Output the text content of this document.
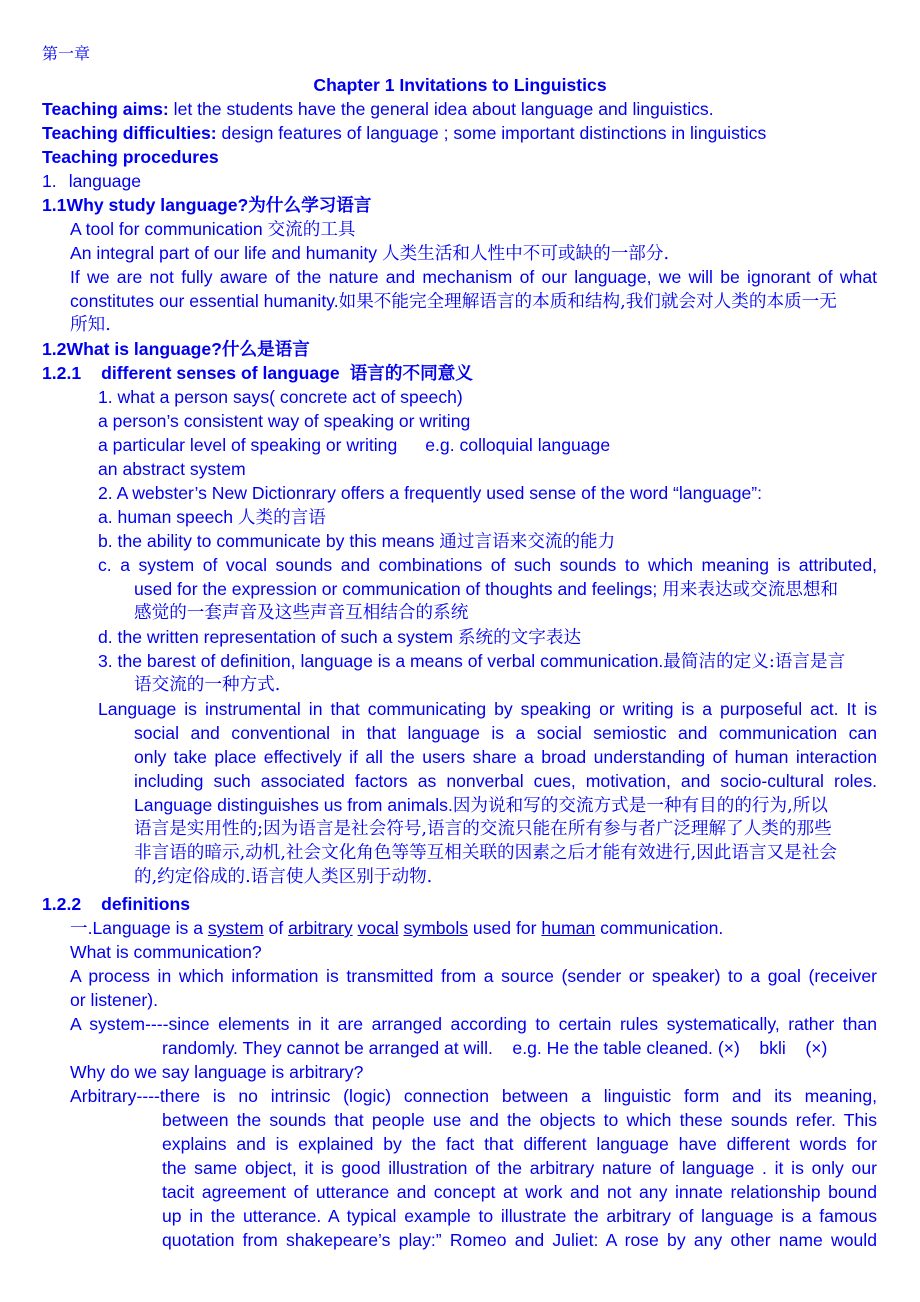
第一章
Chapter 1 Invitations to Linguistics
Teaching aims: let the students have the general idea about language and linguistics.
Teaching difficulties: design features of language ; some important distinctions in linguistics
Teaching procedures
1. language
1.1Why study language?为什么学习语言
A tool for communication 交流的工具
An integral part of our life and humanity 人类生活和人性中不可或缺的一部分.
If we are not fully aware of the nature and mechanism of our language, we will be ignorant of what
constitutes our essential humanity.如果不能完全理解语言的本质和结构,我们就会对人类的本质一无
所知.
1.2What is language?什么是语言
1.2.1 different senses of language 语言的不同意义
1. what a person says( concrete act of speech)
a person’s consistent way of speaking or writing
a particular level of speaking or writing e.g. colloquial language
an abstract system
2. A webster’s New Dictionrary offers a frequently used sense of the word “language”:
a. human speech 人类的言语
b. the ability to communicate by this means 通过言语来交流的能力
c. a system of vocal sounds and combinations of such sounds to which meaning is attributed,
used for the expression or communication of thoughts and feelings; 用来表达或交流思想和
感觉的一套声音及这些声音互相结合的系统
d. the written representation of such a system 系统的文字表达
3. the barest of definition, language is a means of verbal communication.最简洁的定义:语言是言
语交流的一种方式.
Language is instrumental in that communicating by speaking or writing is a purposeful act. It is
social and conventional in that language is a social semiostic and communication can
only take place effectively if all the users share a broad understanding of human interaction
including such associated factors as nonverbal cues, motivation, and socio-cultural roles.
Language distinguishes us from animals.因为说和写的交流方式是一种有目的的行为,所以
语言是实用性的;因为语言是社会符号,语言的交流只能在所有参与者广泛理解了人类的那些
非言语的暗示,动机,社会文化角色等等互相关联的因素之后才能有效进行,因此语言又是社会
的,约定俗成的.语言使人类区别于动物.
1.2.2 definitions
一.Language is a system of arbitrary vocal symbols used for human communication.
What is communication?
A process in which information is transmitted from a source (sender or speaker) to a goal (receiver
or listener).
A system----since elements in it are arranged according to certain rules systematically, rather than
randomly. They cannot be arranged at will.    e.g. He the table cleaned. (×)    bkli    (×)
Why do we say language is arbitrary?
Arbitrary----there is no intrinsic (logic) connection between a linguistic form and its meaning,
between the sounds that people use and the objects to which these sounds refer. This
explains and is explained by the fact that different language have different words for
the same object, it is good illustration of the arbitrary nature of language . it is only our
tacit agreement of utterance and concept at work and not any innate relationship bound
up in the utterance. A typical example to illustrate the arbitrary of language is a famous
quotation from shakepeare’s play:” Romeo and Juliet: A rose by any other name would
